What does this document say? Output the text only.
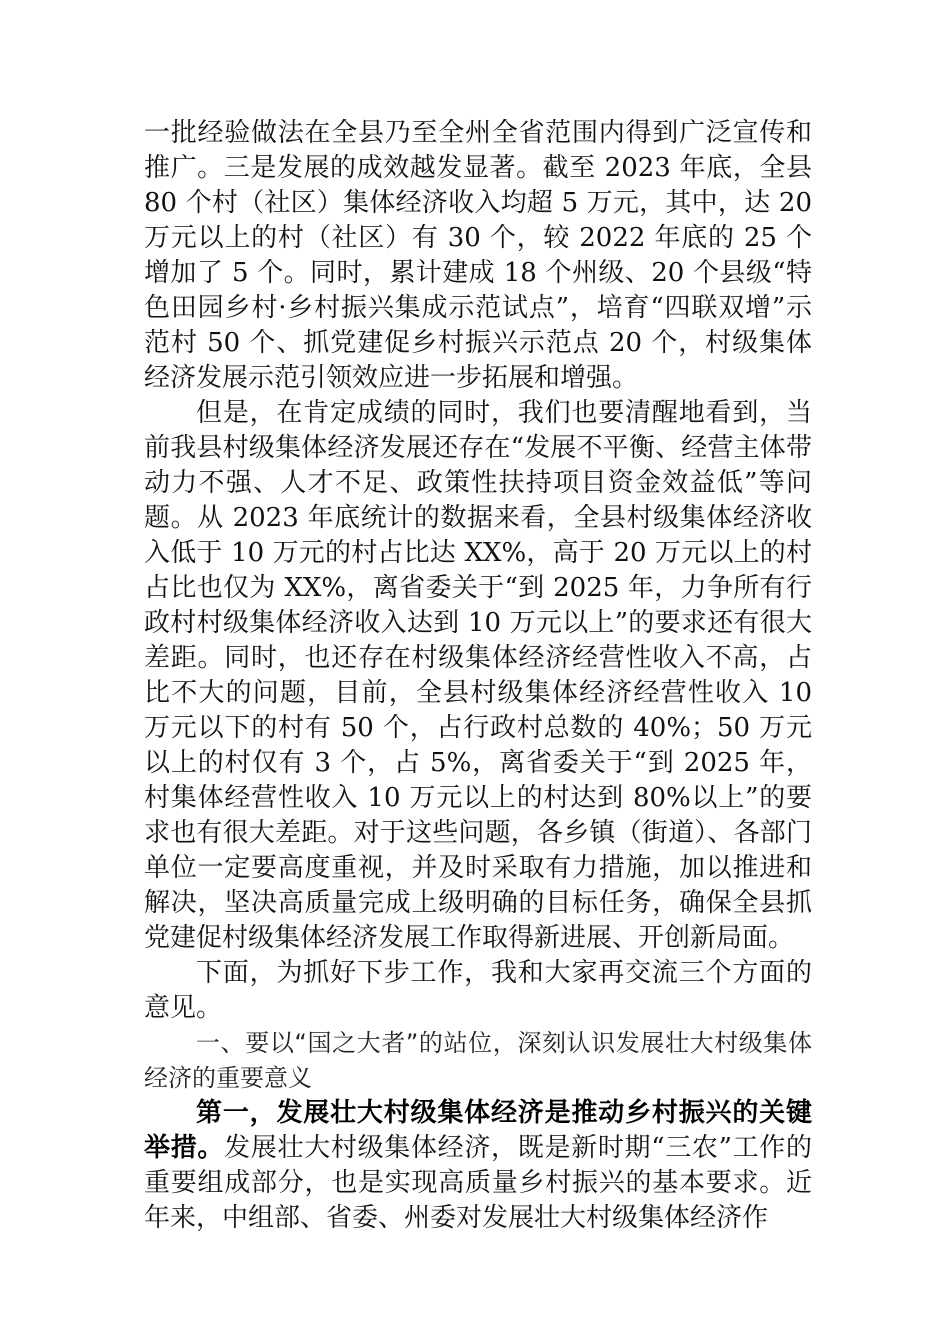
一批经验做法在全县乃至全州全省范围内得到广泛宣传和推广。三是发展的成效越发显著。截至 2023 年底，全县 80 个村（社区）集体经济收入均超 5 万元，其中，达 20 万元以上的村（社区）有 30 个，较 2022 年底的 25 个增加了 5 个。同时，累计建成 18 个州级、20 个县级“特色田园乡村·乡村振兴集成示范试点”，培育“四联双增”示范村 50 个、抓党建促乡村振兴示范点 20 个，村级集体经济发展示范引领效应进一步拓展和增强。

但是，在肯定成绩的同时，我们也要清醒地看到，当前我县村级集体经济发展还存在“发展不平衡、经营主体带动力不强、人才不足、政策性扶持项目资金效益低”等问题。从 2023 年底统计的数据来看，全县村级集体经济收入低于 10 万元的村占比达 XX%，高于 20 万元以上的村占比也仅为 XX%，离省委关于“到 2025 年，力争所有行政村村级集体经济收入达到 10 万元以上”的要求还有很大差距。同时，也还存在村级集体经济经营性收入不高，占比不大的问题，目前，全县村级集体经济经营性收入 10 万元以下的村有 50 个，占行政村总数的 40%；50 万元以上的村仅有 3 个，占 5%，离省委关于“到 2025 年，村集体经营性收入 10 万元以上的村达到 80%以上”的要求也有很大差距。对于这些问题，各乡镇（街道）、各部门单位一定要高度重视，并及时采取有力措施，加以推进和解决，坚决高质量完成上级明确的目标任务，确保全县抓党建促村级集体经济发展工作取得新进展、开创新局面。

下面，为抓好下步工作，我和大家再交流三个方面的意见。

一、要以“国之大者”的站位，深刻认识发展壮大村级集体经济的重要意义

第一，发展壮大村级集体经济是推动乡村振兴的关键举措。发展壮大村级集体经济，既是新时期“三农”工作的重要组成部分，也是实现高质量乡村振兴的基本要求。近年来，中组部、省委、州委对发展壮大村级集体经济作
